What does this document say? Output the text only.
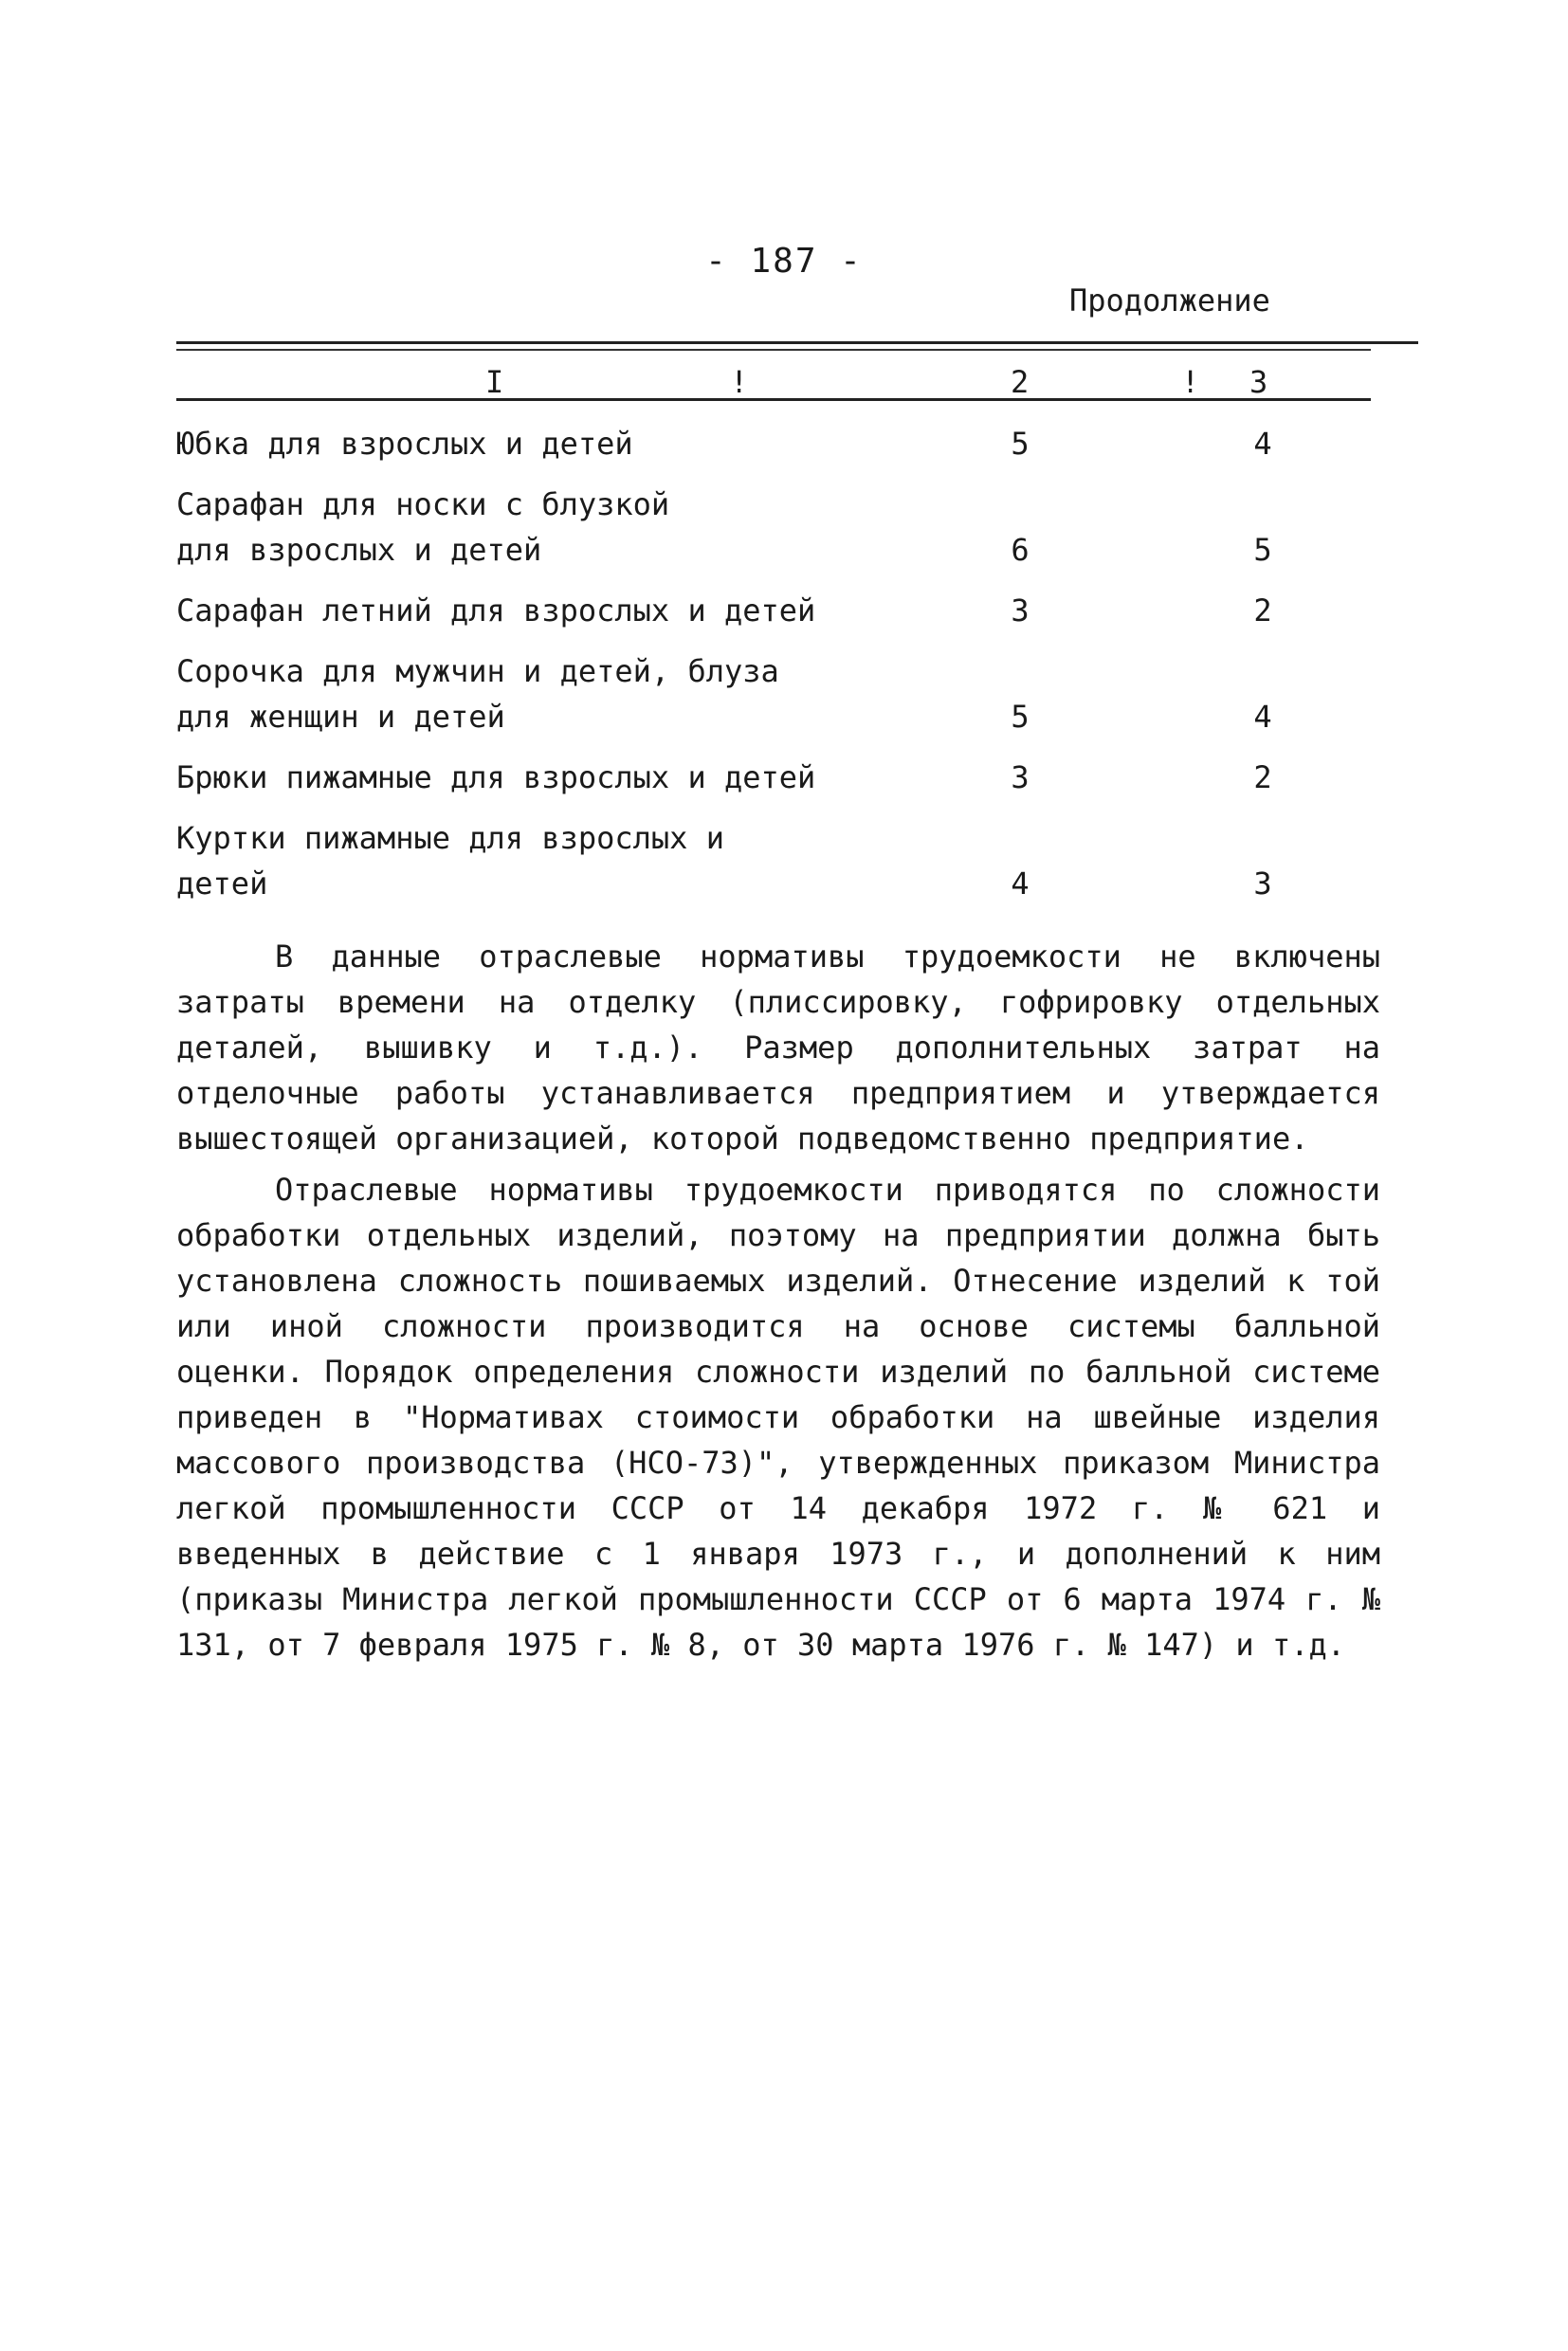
- 187 -
Продолжение
I	!	2	! 3
Юбка для взрослых и детей	5	4
Сарафан для носки с блузкой для взрослых и детей	6	5
Сарафан летний для взрослых и детей	3	2
Сорочка для мужчин и детей, блуза для женщин и детей	5	4
Брюки пижамные для взрослых и детей	3	2
Куртки пижамные для взрослых и детей	4	3

В данные отраслевые нормативы трудоемкости не включены затраты времени на отделку (плиссировку, гофрировку отдельных деталей, вышивку и т.д.). Размер дополнительных затрат на отделочные работы устанавливается предприятием и утверждается вышестоящей организацией, которой подведомственно предприятие.

Отраслевые нормативы трудоемкости приводятся по сложности обработки отдельных изделий, поэтому на предприятии должна быть установлена сложность пошиваемых изделий. Отнесение изделий к той или иной сложности производится на основе системы балльной оценки. Порядок определения сложности изделий по балльной системе приведен в "Нормативах стоимости обработки на швейные изделия массового производства (НСО-73)", утвержденных приказом Министра легкой промышленности СССР от 14 декабря 1972 г. № 621 и введенных в действие с 1 января 1973 г., и дополнений к ним (приказы Министра легкой промышленности СССР от 6 марта 1974 г. № 131, от 7 февраля 1975 г. № 8, от 30 марта 1976 г. № 147) и т.д.
